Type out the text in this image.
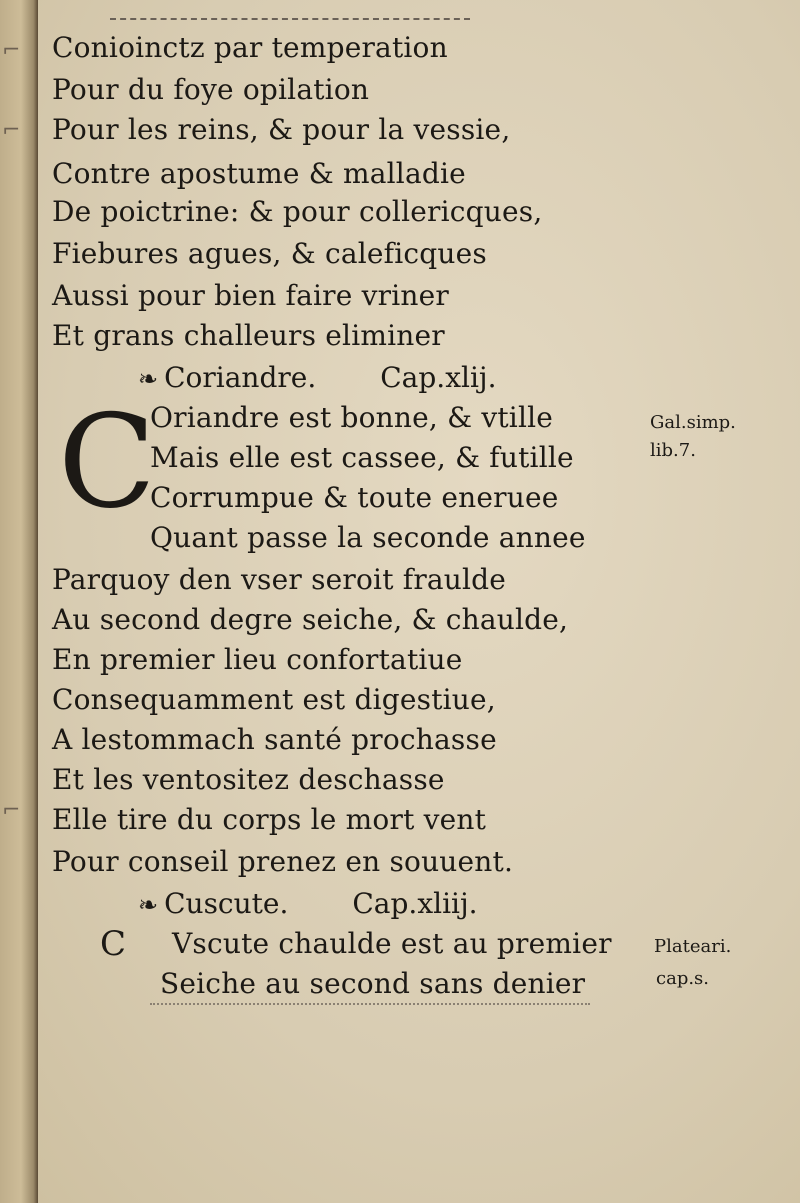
⌐
⌐
⌐
Conioinctz par temperation
Pour du foye opilation
Pour les reins, & pour la vessie,
Contre apostume & malladie
De poictrine: & pour collericques,
Fiebures agues, & caleficques
Aussi pour bien faire vriner
Et grans challeurs eliminer
❧ Coriandre. Cap.xlij.
C
Oriandre est bonne, & vtille
Mais elle est cassee, & futille
Corrumpue & toute eneruee
Quant passe la seconde annee
Gal.simp.
lib.7.
Parquoy den vser seroit fraulde
Au second degre seiche, & chaulde,
En premier lieu confortatiue
Consequamment est digestiue,
A lestommach santé prochasse
Et les ventositez deschasse
Elle tire du corps le mort vent
Pour conseil prenez en souuent.
❧ Cuscute. Cap.xliij.
C Vscute chaulde est au premier
Seiche au second sans denier
Plateari.
cap.s.
